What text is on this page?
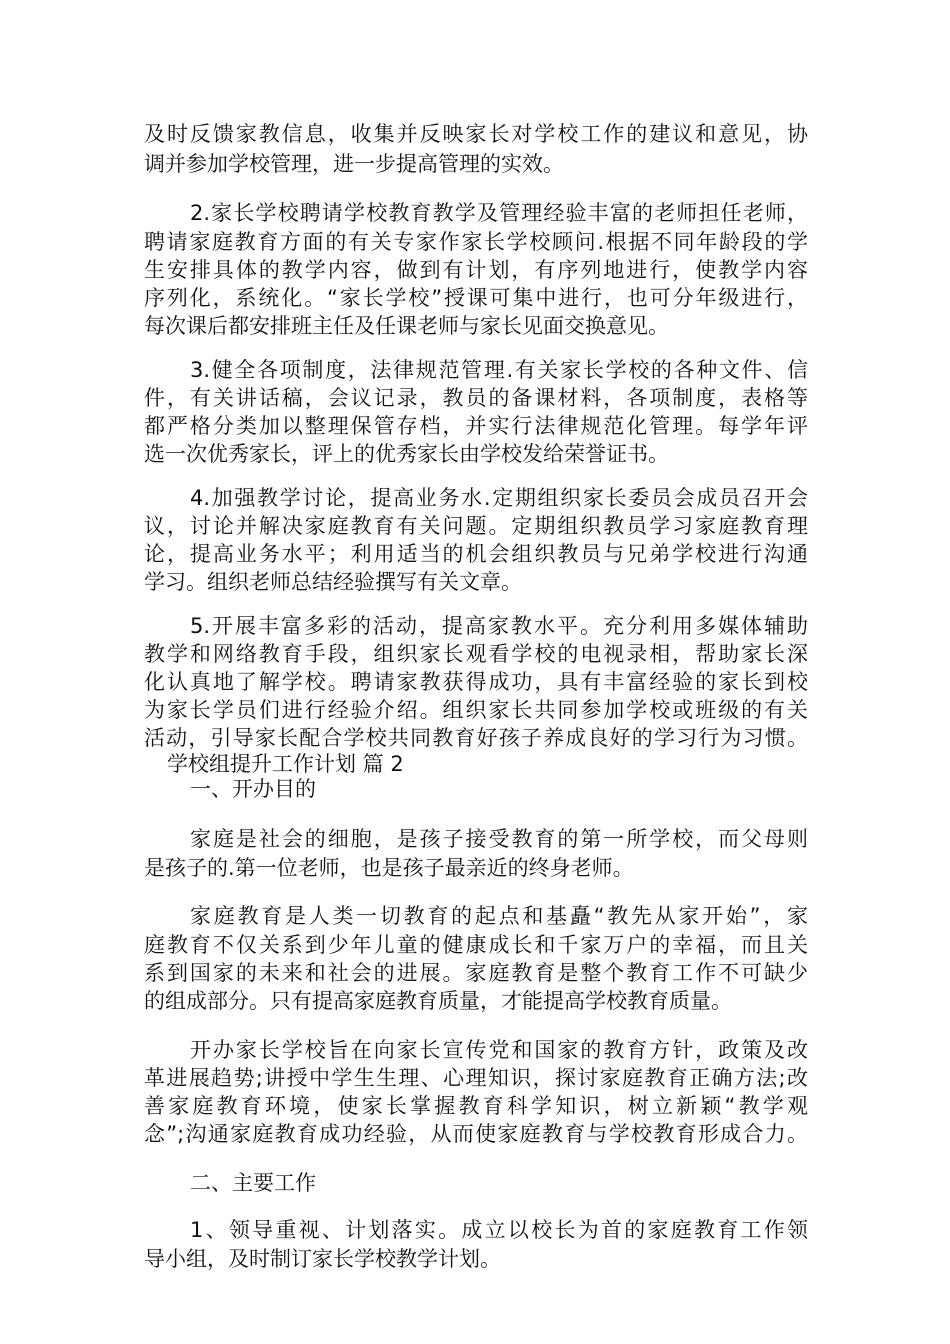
及时反馈家教信息，收集并反映家长对学校工作的建议和意见，协
调并参加学校管理，进一步提高管理的实效。
2.家长学校聘请学校教育教学及管理经验丰富的老师担任老师，
聘请家庭教育方面的有关专家作家长学校顾问.根据不同年龄段的学
生安排具体的教学内容，做到有计划，有序列地进行，使教学内容
序列化，系统化。“家长学校”授课可集中进行，也可分年级进行，
每次课后都安排班主任及任课老师与家长见面交换意见。
3.健全各项制度，法律规范管理.有关家长学校的各种文件、信
件，有关讲话稿，会议记录，教员的备课材料，各项制度，表格等
都严格分类加以整理保管存档，并实行法律规范化管理。每学年评
选一次优秀家长，评上的优秀家长由学校发给荣誉证书。
4.加强教学讨论，提高业务水.定期组织家长委员会成员召开会
议，讨论并解决家庭教育有关问题。定期组织教员学习家庭教育理
论，提高业务水平；利用适当的机会组织教员与兄弟学校进行沟通
学习。组织老师总结经验撰写有关文章。
5.开展丰富多彩的活动，提高家教水平。充分利用多媒体辅助
教学和网络教育手段，组织家长观看学校的电视录相，帮助家长深
化认真地了解学校。聘请家教获得成功，具有丰富经验的家长到校
为家长学员们进行经验介绍。组织家长共同参加学校或班级的有关
活动，引导家长配合学校共同教育好孩子养成良好的学习行为习惯。
学校组提升工作计划 篇 2
一、开办目的
家庭是社会的细胞，是孩子接受教育的第一所学校，而父母则
是孩子的.第一位老师，也是孩子最亲近的终身老师。
家庭教育是人类一切教育的起点和基矗“教先从家开始”，家
庭教育不仅关系到少年儿童的健康成长和千家万户的幸福，而且关
系到国家的未来和社会的进展。家庭教育是整个教育工作不可缺少
的组成部分。只有提高家庭教育质量，才能提高学校教育质量。
开办家长学校旨在向家长宣传党和国家的教育方针，政策及改
革进展趋势;讲授中学生生理、心理知识，探讨家庭教育正确方法;改
善家庭教育环境，使家长掌握教育科学知识，树立新颖“教学观
念”;沟通家庭教育成功经验，从而使家庭教育与学校教育形成合力。
二、主要工作
1、领导重视、计划落实。成立以校长为首的家庭教育工作领
导小组，及时制订家长学校教学计划。
